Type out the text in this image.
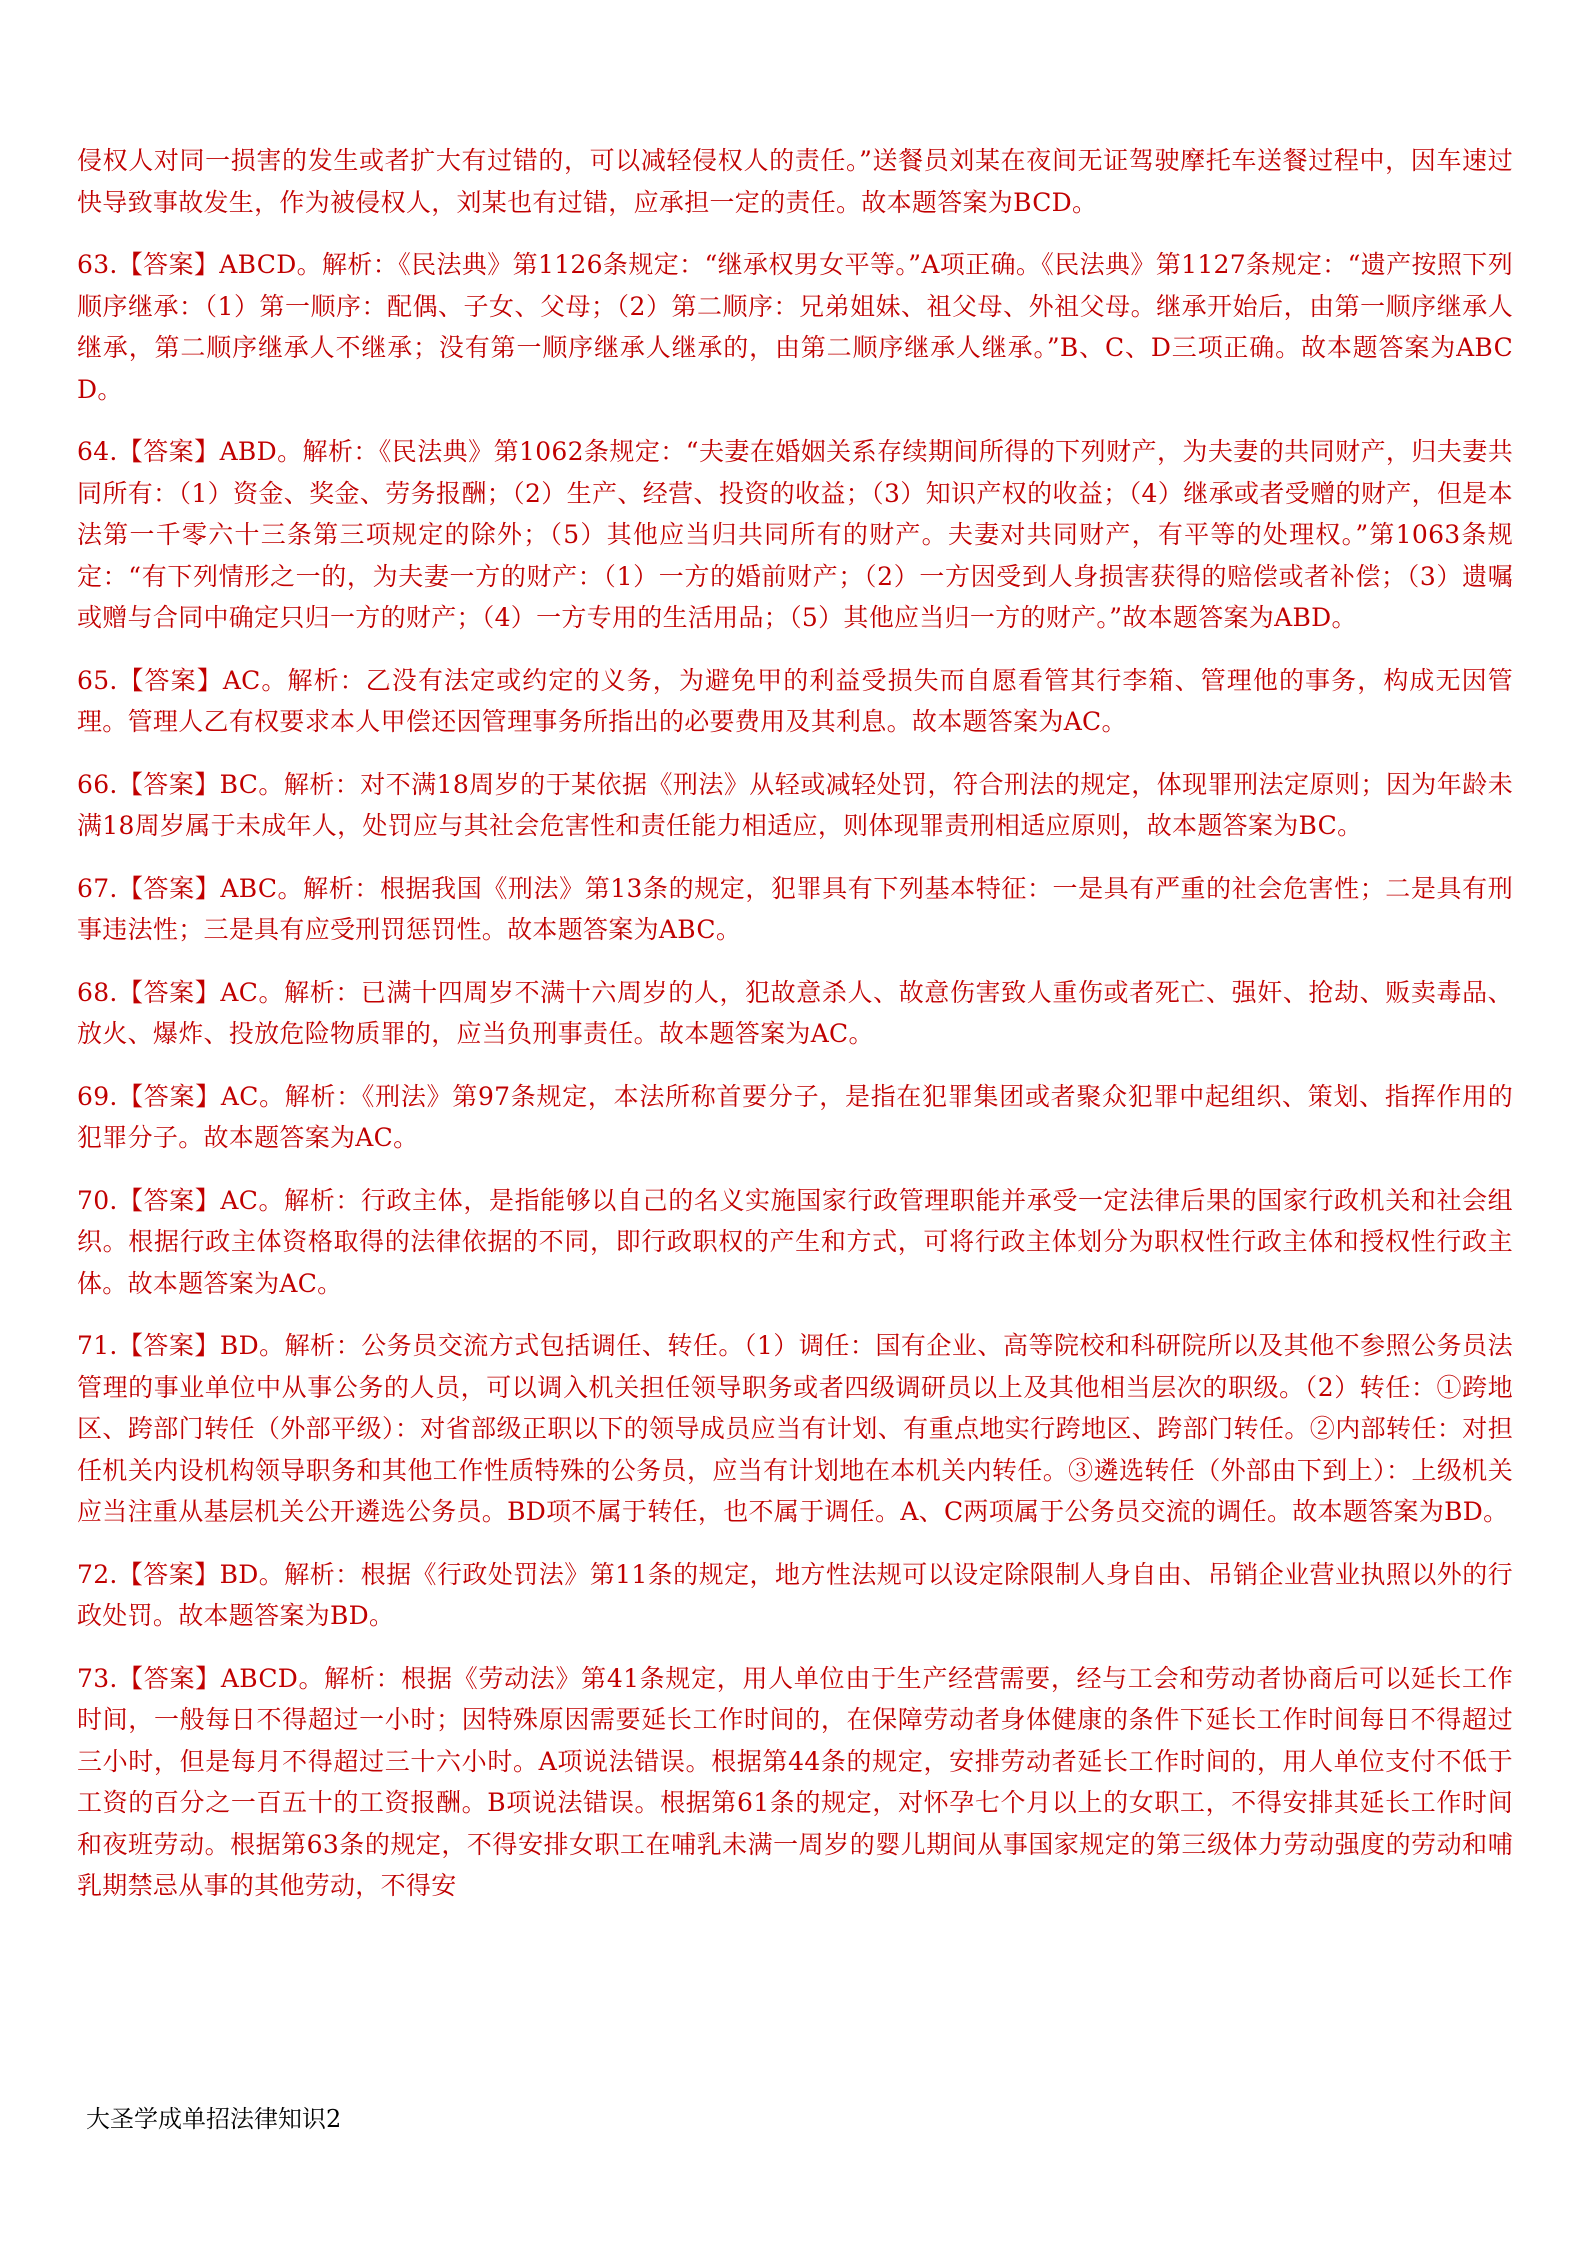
侵权人对同一损害的发生或者扩大有过错的，可以减轻侵权人的责任。”送餐员刘某在夜间无证驾驶摩托车送餐过程中，因车速过快导致事故发生，作为被侵权人，刘某也有过错，应承担一定的责任。故本题答案为BCD。

63.【答案】ABCD。解析：《民法典》第1126条规定：“继承权男女平等。”A项正确。《民法典》第1127条规定：“遗产按照下列顺序继承：（1）第一顺序：配偶、子女、父母；（2）第二顺序：兄弟姐妹、祖父母、外祖父母。继承开始后，由第一顺序继承人继承，第二顺序继承人不继承；没有第一顺序继承人继承的，由第二顺序继承人继承。”B、C、D三项正确。故本题答案为ABCD。

64.【答案】ABD。解析：《民法典》第1062条规定：“夫妻在婚姻关系存续期间所得的下列财产，为夫妻的共同财产，归夫妻共同所有：（1）资金、奖金、劳务报酬；（2）生产、经营、投资的收益；（3）知识产权的收益；（4）继承或者受赠的财产，但是本法第一千零六十三条第三项规定的除外；（5）其他应当归共同所有的财产。夫妻对共同财产，有平等的处理权。”第1063条规定：“有下列情形之一的，为夫妻一方的财产：（1）一方的婚前财产；（2）一方因受到人身损害获得的赔偿或者补偿；（3）遗嘱或赠与合同中确定只归一方的财产；（4）一方专用的生活用品；（5）其他应当归一方的财产。”故本题答案为ABD。

65.【答案】AC。解析：乙没有法定或约定的义务，为避免甲的利益受损失而自愿看管其行李箱、管理他的事务，构成无因管理。管理人乙有权要求本人甲偿还因管理事务所指出的必要费用及其利息。故本题答案为AC。

66.【答案】BC。解析：对不满18周岁的于某依据《刑法》从轻或减轻处罚，符合刑法的规定，体现罪刑法定原则；因为年龄未满18周岁属于未成年人，处罚应与其社会危害性和责任能力相适应，则体现罪责刑相适应原则，故本题答案为BC。

67.【答案】ABC。解析：根据我国《刑法》第13条的规定，犯罪具有下列基本特征：一是具有严重的社会危害性；二是具有刑事违法性；三是具有应受刑罚惩罚性。故本题答案为ABC。

68.【答案】AC。解析：已满十四周岁不满十六周岁的人，犯故意杀人、故意伤害致人重伤或者死亡、强奸、抢劫、贩卖毒品、放火、爆炸、投放危险物质罪的，应当负刑事责任。故本题答案为AC。

69.【答案】AC。解析：《刑法》第97条规定，本法所称首要分子，是指在犯罪集团或者聚众犯罪中起组织、策划、指挥作用的犯罪分子。故本题答案为AC。

70.【答案】AC。解析：行政主体，是指能够以自己的名义实施国家行政管理职能并承受一定法律后果的国家行政机关和社会组织。根据行政主体资格取得的法律依据的不同，即行政职权的产生和方式，可将行政主体划分为职权性行政主体和授权性行政主体。故本题答案为AC。

71.【答案】BD。解析：公务员交流方式包括调任、转任。（1）调任：国有企业、高等院校和科研院所以及其他不参照公务员法管理的事业单位中从事公务的人员，可以调入机关担任领导职务或者四级调研员以上及其他相当层次的职级。（2）转任：①跨地区、跨部门转任（外部平级）：对省部级正职以下的领导成员应当有计划、有重点地实行跨地区、跨部门转任。②内部转任：对担任机关内设机构领导职务和其他工作性质特殊的公务员，应当有计划地在本机关内转任。③遴选转任（外部由下到上）：上级机关应当注重从基层机关公开遴选公务员。BD项不属于转任，也不属于调任。A、C两项属于公务员交流的调任。故本题答案为BD。

72.【答案】BD。解析：根据《行政处罚法》第11条的规定，地方性法规可以设定除限制人身自由、吊销企业营业执照以外的行政处罚。故本题答案为BD。

73.【答案】ABCD。解析：根据《劳动法》第41条规定，用人单位由于生产经营需要，经与工会和劳动者协商后可以延长工作时间，一般每日不得超过一小时；因特殊原因需要延长工作时间的，在保障劳动者身体健康的条件下延长工作时间每日不得超过三小时，但是每月不得超过三十六小时。A项说法错误。根据第44条的规定，安排劳动者延长工作时间的，用人单位支付不低于工资的百分之一百五十的工资报酬。B项说法错误。根据第61条的规定，对怀孕七个月以上的女职工，不得安排其延长工作时间和夜班劳动。根据第63条的规定，不得安排女职工在哺乳未满一周岁的婴儿期间从事国家规定的第三级体力劳动强度的劳动和哺乳期禁忌从事的其他劳动，不得安

大圣学成单招法律知识2
